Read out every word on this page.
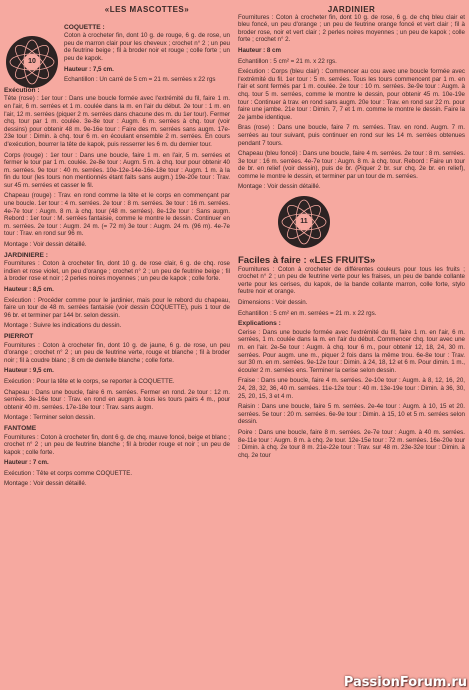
«LES MASCOTTES»
10
COQUETTE :

Coton à crocheter fin, dont 10 g. de rouge, 6 g. de rose, un peu de marron clair pour les cheveux ; crochet n° 2 ; un peu de feutrine beige ; fil à broder noir et rouge ; colle forte ; un peu de kapok.

Hauteur : 7,5 cm.

Echantillon : Un carré de 5 cm = 21 m. serrées x 22 rgs

Exécution :

Tête (rose) : 1er tour : Dans une boucle formée avec l'extrémité du fil, faire 1 m. en l'air, 6 m. serrées et 1 m. coulée dans la m. en l'air du début. 2e tour : 1 m. en l'air, 12 m. serrées (piquer 2 m. serrées dans chacune des m. du 1er tour). Fermer chq. tour par 1 m. coulée. 3e-8e tour : Augm. 6 m. serrées à chq. tour (voir dessins) pour obtenir 48 m. 9e-16e tour : Faire des m. serrées sans augm. 17e-23e tour : Dimin. à chq. tour 6 m. en écoulant ensemble 2 m. serrées. En cours d'exécution, bourrer la tête de kapok, puis resserrer les 6 m. du dernier tour.

Corps (rouge) : 1er tour : Dans une boucle, faire 1 m. en l'air, 5 m. serrées et fermer le tour par 1 m. coulée. 2e-8e tour : Augm. 5 m. à chq. tour pour obtenir 40 m. serrées. 9e tour : 40 m. serrées. 10e-12e-14e-16e-18e tour : Augm. 1 m. à la fin du tour (les tours non mentionnés étant faits sans augm.) 19e-20e tour : Trav. sur 45 m. serrées et casser le fil.

Chapeau (rouge) : Trav. en rond comme la tête et le corps en commençant par une boucle. 1er tour : 4 m. serrées. 2e tour : 8 m. serrées. 3e tour : 16 m. serrées. 4e-7e tour : Augm. 8 m. à chq. tour (48 m. serrées). 8e-12e tour : Sans augm. Rebord : 1er tour : M. serrées fantaisie, comme le montre le dessin. Continuer en m. serrées. 2e tour : Augm. 24 m. (= 72 m) 3e tour : Augm. 24 m. (96 m). 4e-7e tour : Trav. en rond sur 96 m.

Montage : Voir dessin détaillé.

JARDINIERE :

Fournitures : Coton à crocheter fin, dont 10 g. de rose clair, 6 g. de chq. rose indien et rose violet, un peu d'orange ; crochet n° 2 ; un peu de feutrine beige ; fil à broder rose et noir ; 2 perles noires moyennes ; un peu de kapok ; colle forte.

Hauteur : 8,5 cm.

Exécution : Procéder comme pour le jardinier, mais pour le rebord du chapeau, faire un tour de 48 m. serrées fantaisie (voir dessin COQUETTE), puis 1 tour de 96 br. et terminer par 144 br. selon dessin.

Montage : Suivre les indications du dessin.

PIERROT

Fournitures : Coton à crocheter fin, dont 10 g. de jaune, 6 g. de rose, un peu d'orange ; crochet n° 2 ; un peu de feutrine verte, rouge et blanche ; fil à broder noir ; fil à coudre blanc ; 8 cm de dentelle blanche ; colle forte.

Hauteur : 9,5 cm.

Exécution : Pour la tête et le corps, se reporter à COQUETTE.

Chapeau : Dans une boucle, faire 6 m. serrées. Fermer en rond. 2e tour : 12 m. serrées. 3e-16e tour : Trav. en rond en augm. à tous les tours pairs 4 m., pour obtenir 40 m. serrées. 17e-18e tour : Trav. sans augm.

Montage : Terminer selon dessin.

FANTOME

Fournitures : Coton à crocheter fin, dont 6 g. de chq. mauve foncé, beige et blanc ; crochet n° 2 ; un peu de feutrine blanche ; fil à broder rouge et noir ; un peu de kapok ; colle forte.

Hauteur : 7 cm.

Exécution : Tête et corps comme COQUETTE.

Montage : Voir dessin détaillé.

JARDINIER

Fournitures : Coton à crocheter fin, dont 10 g. de rose, 6 g. de chq bleu clair et bleu foncé, un peu d'orange ; un peu de feutrine orange foncé et vert clair ; fil à broder rose, noir et vert clair ; 2 perles noires moyennes ; un peu de kapok ; colle forte ; crochet n° 2.

Hauteur : 8 cm

Echantillon : 5 cm² = 21 m. x 22 rgs.

Exécution : Corps (bleu clair) : Commencer au cou avec une boucle formée avec l'extrémité du fil. 1er tour : 5 m. serrées. Tous les tours commencent par 1 m. en l'air et sont fermés par 1 m. coulée. 2e tour : 10 m. serrées. 3e-9e tour : Augm. à chq. tour 5 m. serrées, comme le montre le dessin, pour obtenir 45 m. 10e-19e tour : Continuer à trav. en rond sans augm. 20e tour : Trav. en rond sur 22 m. pour faire une jambe. 21e tour : Dimin. 7, 7 et 1 m. comme le montre le dessin. Faire la 2e jambe identique.

Bras (rose) : Dans une boucle, faire 7 m. serrées. Trav. en rond. Augm. 7 m. serrées au tour suivant, puis continuer en rond sur les 14 m. serrées obtenues pendant 7 tours.

Chapeau (bleu foncé) : Dans une boucle, faire 4 m. serrées. 2e tour : 8 m. serrées. 3e tour : 16 m. serrées. 4e-7e tour : Augm. 8 m. à chq. tour. Rebord : Faire un tour de br. en relief (voir dessin), puis de br. (Piquer 2 br. sur chq. 2e br. en relief), comme le montre le dessin, et terminer par un tour de m. serrées.

Montage : Voir dessin détaillé.

11
Faciles à faire : «LES FRUITS»

Fournitures : Coton à crocheter de différentes couleurs pour tous les fruits ; crochet n° 2 ; un peu de feutrine verte pour les fraises, un peu de bande collante verte pour les cerises, du kapok, de la bande collante marron, colle forte, stylo feutre noir et orange.

Dimensions : Voir dessin.

Echantillon : 5 cm² en m. serrées = 21 m. x 22 rgs.

Explications :

Cerise : Dans une boucle formée avec l'extrémité du fil, faire 1 m. en l'air, 6 m. serrées, 1 m. coulée dans la m. en l'air du début. Commencer chq. tour avec une m. en l'air. 2e-5e tour : Augm. à chq. tour 6 m., pour obtenir 12, 18, 24, 30 m. serrées. Pour augm. une m., piquer 2 fois dans la même trou. 6e-8e tour : Trav. sur 30 m. en m. serrées. 9e-12e tour : Dimin. à 24, 18, 12 et 6 m. Pour dimin. 1 m., écouler 2 m. serrées ens. Terminer la cerise selon dessin.

Fraise : Dans une boucle, faire 4 m. serrées. 2e-10e tour : Augm. à 8, 12, 16, 20, 24, 28, 32, 36, 40 m. serrées. 11e-12e tour : 40 m. 13e-19e tour : Dimin. à 36, 30, 25, 20, 15, 3 et 4 m.

Raisin : Dans une boucle, faire 5 m. serrées. 2e-4e tour : Augm. à 10, 15 et 20. serrées. 5e tour : 20 m. serrées. 6e-9e tour : Dimin. à 15, 10 et 5 m. serrées selon dessin.

Poire : Dans une boucle, faire 8 m. serrées. 2e-7e tour : Augm. à 40 m. serrées. 8e-11e tour : Augm. 8 m. à chq. 2e tour. 12e-15e tour : 72 m. serrées. 16e-20e tour : Dimin. à chq. 2e tour 8 m. 21e-22e tour : Trav. sur 48 m. 23e-32e tour : Dimin. à chq. 2e tour

PassionForum.ru
